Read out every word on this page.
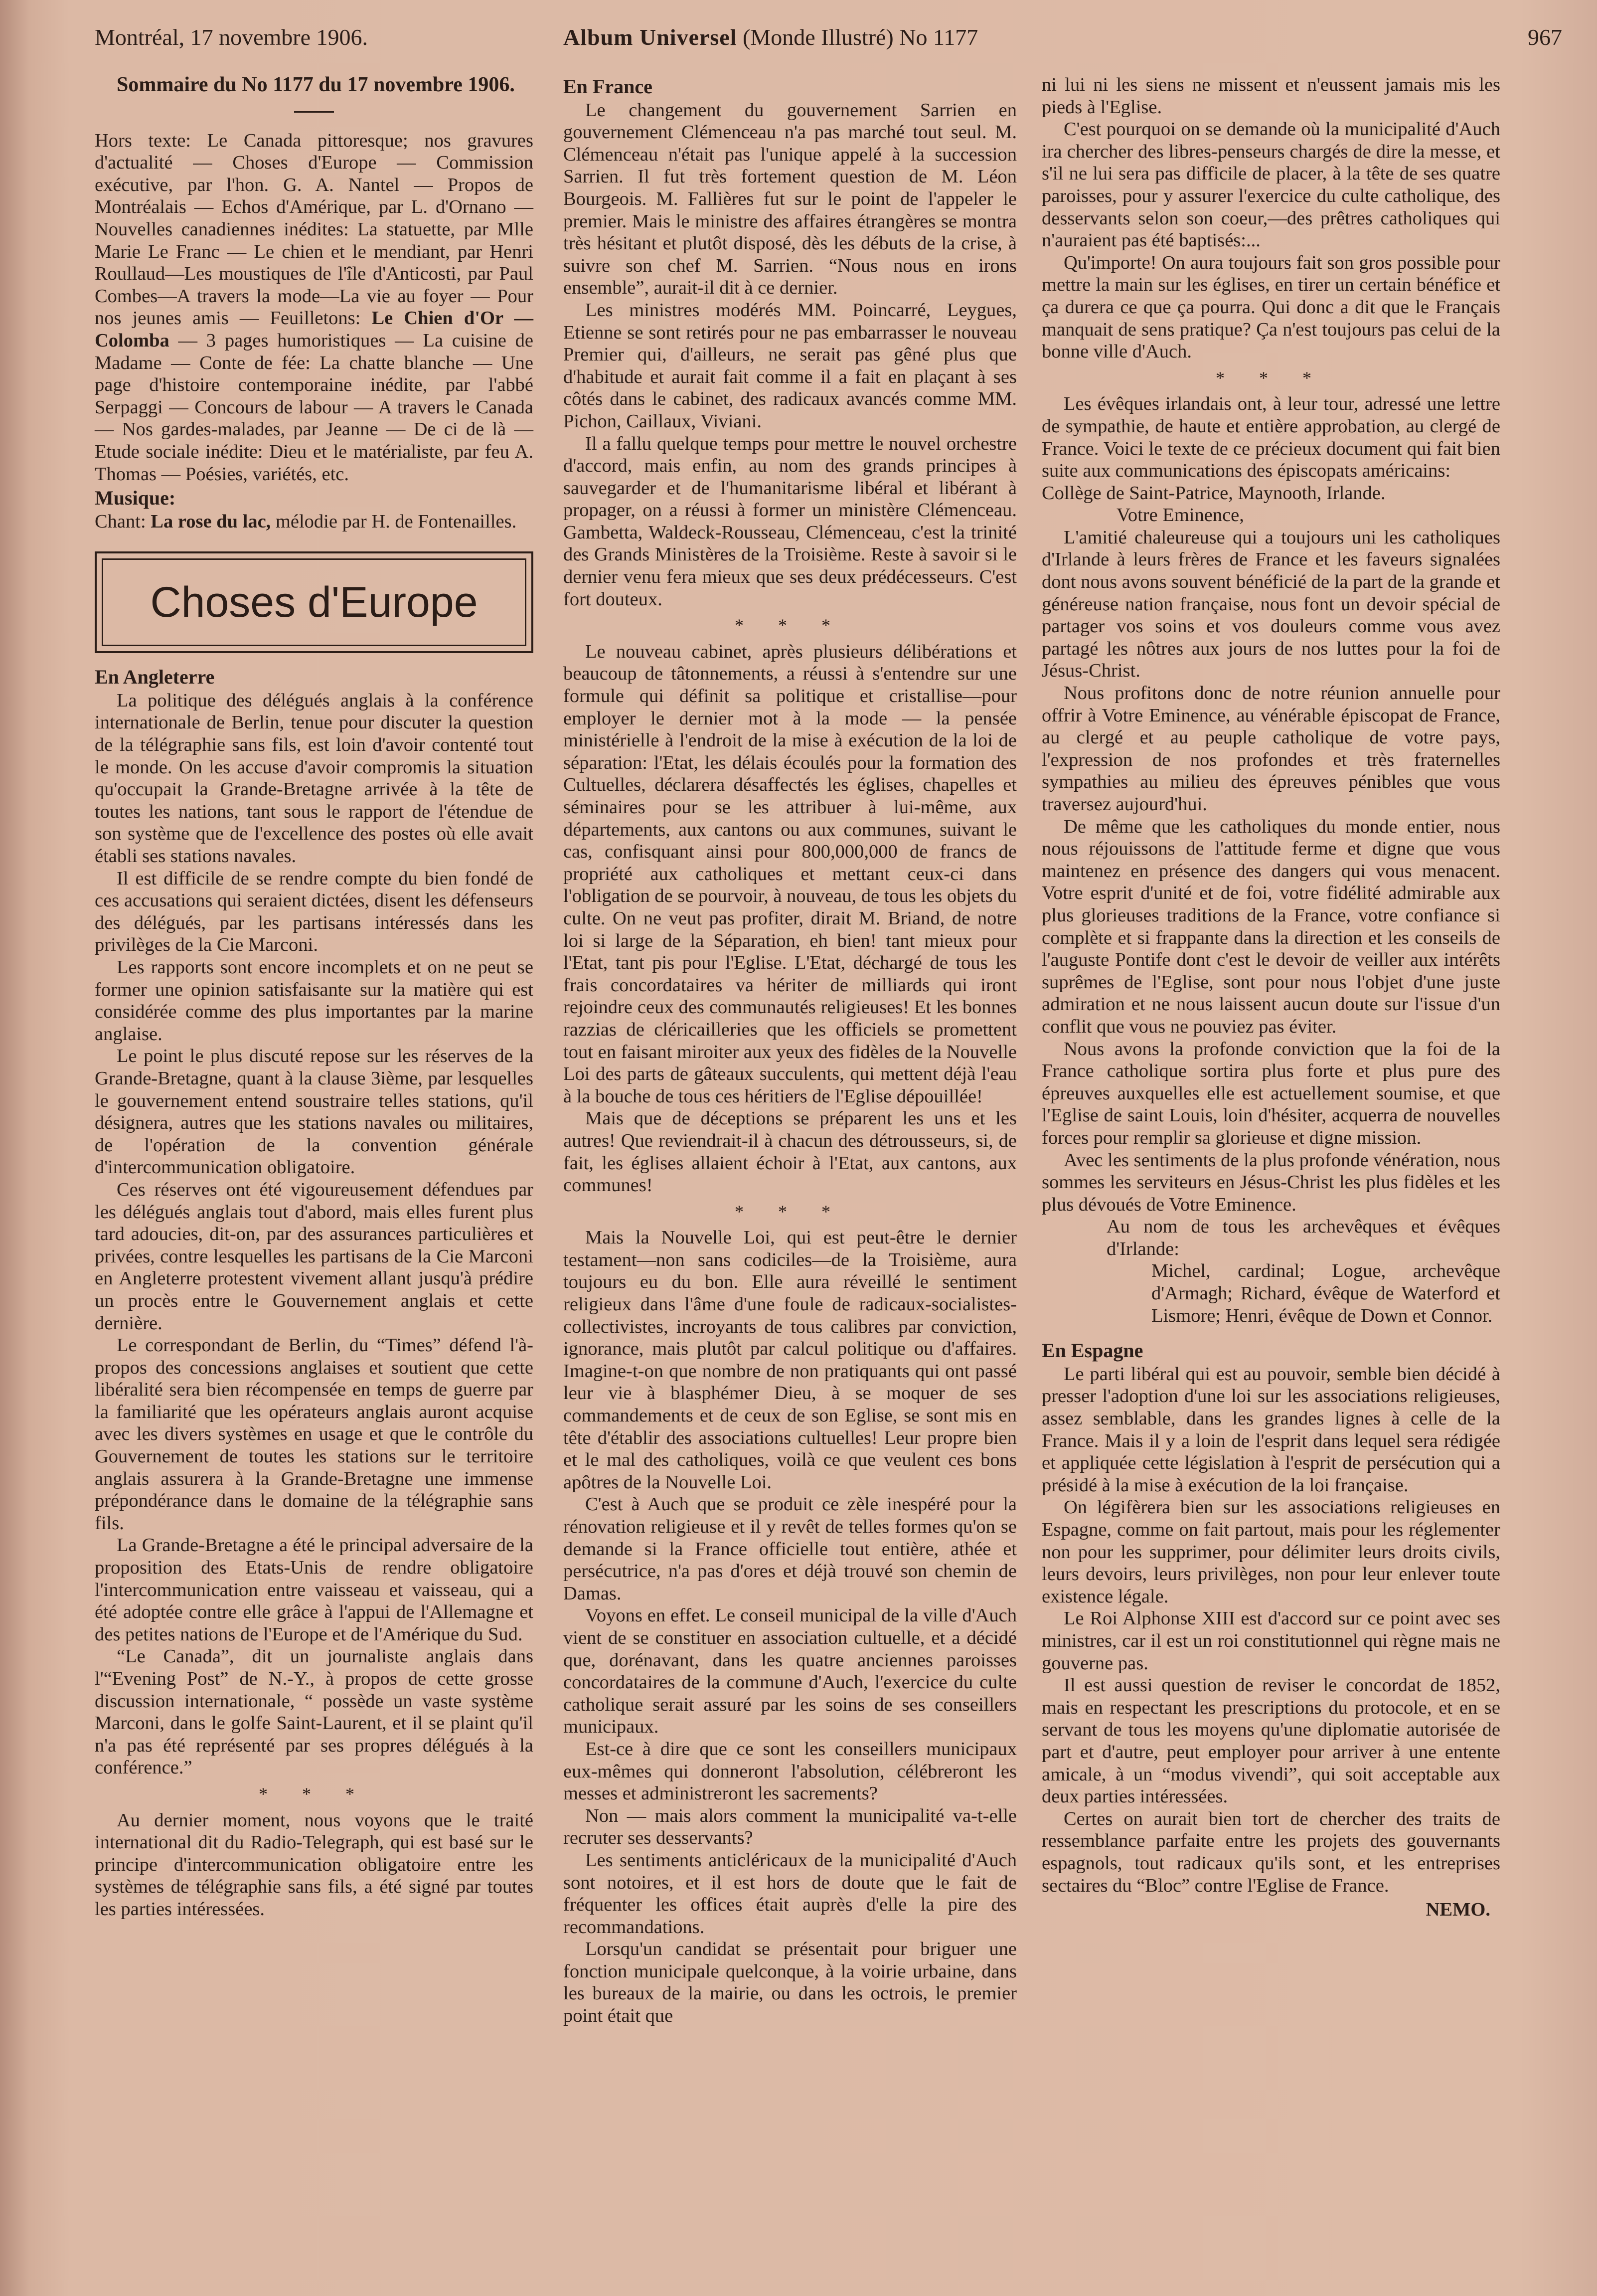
Montréal, 17 novembre 1906.	Album Universel (Monde Illustré) No 1177	967

Sommaire du No 1177 du 17 novembre 1906.

Hors texte: Le Canada pittoresque; nos gravures d'actualité — Choses d'Europe — Commission exécutive, par l'hon. G. A. Nantel — Propos de Montréalais — Echos d'Amérique, par L. d'Ornano — Nouvelles canadiennes inédites: La statuette, par Mlle Marie Le Franc — Le chien et le mendiant, par Henri Roullaud—Les moustiques de l'île d'Anticosti, par Paul Combes—A travers la mode—La vie au foyer — Pour nos jeunes amis — Feuilletons: Le Chien d'Or — Colomba — 3 pages humoristiques — La cuisine de Madame — Conte de fée: La chatte blanche — Une page d'histoire contemporaine inédite, par l'abbé Serpaggi — Concours de labour — A travers le Canada — Nos gardes-malades, par Jeanne — De ci de là — Etude sociale inédite: Dieu et le matérialiste, par feu A. Thomas — Poésies, variétés, etc.

Musique:

Chant: La rose du lac, mélodie par H. de Fontenailles.

Choses d'Europe
En Angleterre

La politique des délégués anglais à la conférence internationale de Berlin, tenue pour discuter la question de la télégraphie sans fils, est loin d'avoir contenté tout le monde. On les accuse d'avoir compromis la situation qu'occupait la Grande-Bretagne arrivée à la tête de toutes les nations, tant sous le rapport de l'étendue de son système que de l'excellence des postes où elle avait établi ses stations navales.

Il est difficile de se rendre compte du bien fondé de ces accusations qui seraient dictées, disent les défenseurs des délégués, par les partisans intéressés dans les privilèges de la Cie Marconi.

Les rapports sont encore incomplets et on ne peut se former une opinion satisfaisante sur la matière qui est considérée comme des plus importantes par la marine anglaise.

Le point le plus discuté repose sur les réserves de la Grande-Bretagne, quant à la clause 3ième, par lesquelles le gouvernement entend soustraire telles stations, qu'il désignera, autres que les stations navales ou militaires, de l'opération de la convention générale d'intercommunication obligatoire.

Ces réserves ont été vigoureusement défendues par les délégués anglais tout d'abord, mais elles furent plus tard adoucies, dit-on, par des assurances particulières et privées, contre lesquelles les partisans de la Cie Marconi en Angleterre protestent vivement allant jusqu'à prédire un procès entre le Gouvernement anglais et cette dernière.

Le correspondant de Berlin, du “Times” défend l'à-propos des concessions anglaises et soutient que cette libéralité sera bien récompensée en temps de guerre par la familiarité que les opérateurs anglais auront acquise avec les divers systèmes en usage et que le contrôle du Gouvernement de toutes les stations sur le territoire anglais assurera à la Grande-Bretagne une immense prépondérance dans le domaine de la télégraphie sans fils.

La Grande-Bretagne a été le principal adversaire de la proposition des Etats-Unis de rendre obligatoire l'intercommunication entre vaisseau et vaisseau, qui a été adoptée contre elle grâce à l'appui de l'Allemagne et des petites nations de l'Europe et de l'Amérique du Sud.

“Le Canada”, dit un journaliste anglais dans l'“Evening Post” de N.-Y., à propos de cette grosse discussion internationale, “ possède un vaste système Marconi, dans le golfe Saint-Laurent, et il se plaint qu'il n'a pas été représenté par ses propres délégués à la conférence.”

* * *

Au dernier moment, nous voyons que le traité international dit du Radio-Telegraph, qui est basé sur le principe d'intercommunication obligatoire entre les systèmes de télégraphie sans fils, a été signé par toutes les parties intéressées.

En France

Le changement du gouvernement Sarrien en gouvernement Clémenceau n'a pas marché tout seul. M. Clémenceau n'était pas l'unique appelé à la succession Sarrien. Il fut très fortement question de M. Léon Bourgeois. M. Fallières fut sur le point de l'appeler le premier. Mais le ministre des affaires étrangères se montra très hésitant et plutôt disposé, dès les débuts de la crise, à suivre son chef M. Sarrien. “Nous nous en irons ensemble”, aurait-il dit à ce dernier.

Les ministres modérés MM. Poincarré, Leygues, Etienne se sont retirés pour ne pas embarrasser le nouveau Premier qui, d'ailleurs, ne serait pas gêné plus que d'habitude et aurait fait comme il a fait en plaçant à ses côtés dans le cabinet, des radicaux avancés comme MM. Pichon, Caillaux, Viviani.

Il a fallu quelque temps pour mettre le nouvel orchestre d'accord, mais enfin, au nom des grands principes à sauvegarder et de l'humanitarisme libéral et libérant à propager, on a réussi à former un ministère Clémenceau. Gambetta, Waldeck-Rousseau, Clémenceau, c'est la trinité des Grands Ministères de la Troisième. Reste à savoir si le dernier venu fera mieux que ses deux prédécesseurs. C'est fort douteux.

* * *

Le nouveau cabinet, après plusieurs délibérations et beaucoup de tâtonnements, a réussi à s'entendre sur une formule qui définit sa politique et cristallise—pour employer le dernier mot à la mode — la pensée ministérielle à l'endroit de la mise à exécution de la loi de séparation: l'Etat, les délais écoulés pour la formation des Cultuelles, déclarera désaffectés les églises, chapelles et séminaires pour se les attribuer à lui-même, aux départements, aux cantons ou aux communes, suivant le cas, confisquant ainsi pour 800,000,000 de francs de propriété aux catholiques et mettant ceux-ci dans l'obligation de se pourvoir, à nouveau, de tous les objets du culte. On ne veut pas profiter, dirait M. Briand, de notre loi si large de la Séparation, eh bien! tant mieux pour l'Etat, tant pis pour l'Eglise. L'Etat, déchargé de tous les frais concordataires va hériter de milliards qui iront rejoindre ceux des communautés religieuses! Et les bonnes razzias de cléricailleries que les officiels se promettent tout en faisant miroiter aux yeux des fidèles de la Nouvelle Loi des parts de gâteaux succulents, qui mettent déjà l'eau à la bouche de tous ces héritiers de l'Eglise dépouillée!

Mais que de déceptions se préparent les uns et les autres! Que reviendrait-il à chacun des détrousseurs, si, de fait, les églises allaient échoir à l'Etat, aux cantons, aux communes!

* * *

Mais la Nouvelle Loi, qui est peut-être le dernier testament—non sans codiciles—de la Troisième, aura toujours eu du bon. Elle aura réveillé le sentiment religieux dans l'âme d'une foule de radicaux-socialistes-collectivistes, incroyants de tous calibres par conviction, ignorance, mais plutôt par calcul politique ou d'affaires. Imagine-t-on que nombre de non pratiquants qui ont passé leur vie à blasphémer Dieu, à se moquer de ses commandements et de ceux de son Eglise, se sont mis en tête d'établir des associations cultuelles! Leur propre bien et le mal des catholiques, voilà ce que veulent ces bons apôtres de la Nouvelle Loi.

C'est à Auch que se produit ce zèle inespéré pour la rénovation religieuse et il y revêt de telles formes qu'on se demande si la France officielle tout entière, athée et persécutrice, n'a pas d'ores et déjà trouvé son chemin de Damas.

Voyons en effet. Le conseil municipal de la ville d'Auch vient de se constituer en association cultuelle, et a décidé que, dorénavant, dans les quatre anciennes paroisses concordataires de la commune d'Auch, l'exercice du culte catholique serait assuré par les soins de ses conseillers municipaux.

Est-ce à dire que ce sont les conseillers municipaux eux-mêmes qui donneront l'absolution, célébreront les messes et administreront les sacrements?

Non — mais alors comment la municipalité va-t-elle recruter ses desservants?

Les sentiments anticléricaux de la municipalité d'Auch sont notoires, et il est hors de doute que le fait de fréquenter les offices était auprès d'elle la pire des recommandations.

Lorsqu'un candidat se présentait pour briguer une fonction municipale quelconque, à la voirie urbaine, dans les bureaux de la mairie, ou dans les octrois, le premier point était que

ni lui ni les siens ne missent et n'eussent jamais mis les pieds à l'Eglise.

C'est pourquoi on se demande où la municipalité d'Auch ira chercher des libres-penseurs chargés de dire la messe, et s'il ne lui sera pas difficile de placer, à la tête de ses quatre paroisses, pour y assurer l'exercice du culte catholique, des desservants selon son coeur,—des prêtres catholiques qui n'auraient pas été baptisés:...

Qu'importe! On aura toujours fait son gros possible pour mettre la main sur les églises, en tirer un certain bénéfice et ça durera ce que ça pourra. Qui donc a dit que le Français manquait de sens pratique? Ça n'est toujours pas celui de la bonne ville d'Auch.

* * *

Les évêques irlandais ont, à leur tour, adressé une lettre de sympathie, de haute et entière approbation, au clergé de France. Voici le texte de ce précieux document qui fait bien suite aux communications des épiscopats américains:

Collège de Saint-Patrice, Maynooth, Irlande.

Votre Eminence,

L'amitié chaleureuse qui a toujours uni les catholiques d'Irlande à leurs frères de France et les faveurs signalées dont nous avons souvent bénéficié de la part de la grande et généreuse nation française, nous font un devoir spécial de partager vos soins et vos douleurs comme vous avez partagé les nôtres aux jours de nos luttes pour la foi de Jésus-Christ.

Nous profitons donc de notre réunion annuelle pour offrir à Votre Eminence, au vénérable épiscopat de France, au clergé et au peuple catholique de votre pays, l'expression de nos profondes et très fraternelles sympathies au milieu des épreuves pénibles que vous traversez aujourd'hui.

De même que les catholiques du monde entier, nous nous réjouissons de l'attitude ferme et digne que vous maintenez en présence des dangers qui vous menacent. Votre esprit d'unité et de foi, votre fidélité admirable aux plus glorieuses traditions de la France, votre confiance si complète et si frappante dans la direction et les conseils de l'auguste Pontife dont c'est le devoir de veiller aux intérêts suprêmes de l'Eglise, sont pour nous l'objet d'une juste admiration et ne nous laissent aucun doute sur l'issue d'un conflit que vous ne pouviez pas éviter.

Nous avons la profonde conviction que la foi de la France catholique sortira plus forte et plus pure des épreuves auxquelles elle est actuellement soumise, et que l'Eglise de saint Louis, loin d'hésiter, acquerra de nouvelles forces pour remplir sa glorieuse et digne mission.

Avec les sentiments de la plus profonde vénération, nous sommes les serviteurs en Jésus-Christ les plus fidèles et les plus dévoués de Votre Eminence.

Au nom de tous les archevêques et évêques d'Irlande:

Michel, cardinal; Logue, archevêque d'Armagh; Richard, évêque de Waterford et Lismore; Henri, évêque de Down et Connor.

En Espagne

Le parti libéral qui est au pouvoir, semble bien décidé à presser l'adoption d'une loi sur les associations religieuses, assez semblable, dans les grandes lignes à celle de la France. Mais il y a loin de l'esprit dans lequel sera rédigée et appliquée cette législation à l'esprit de persécution qui a présidé à la mise à exécution de la loi française.

On légifèrera bien sur les associations religieuses en Espagne, comme on fait partout, mais pour les réglementer non pour les supprimer, pour délimiter leurs droits civils, leurs devoirs, leurs privilèges, non pour leur enlever toute existence légale.

Le Roi Alphonse XIII est d'accord sur ce point avec ses ministres, car il est un roi constitutionnel qui règne mais ne gouverne pas.

Il est aussi question de reviser le concordat de 1852, mais en respectant les prescriptions du protocole, et en se servant de tous les moyens qu'une diplomatie autorisée de part et d'autre, peut employer pour arriver à une entente amicale, à un “modus vivendi”, qui soit acceptable aux deux parties intéressées.

Certes on aurait bien tort de chercher des traits de ressemblance parfaite entre les projets des gouvernants espagnols, tout radicaux qu'ils sont, et les entreprises sectaires du “Bloc” contre l'Eglise de France.

NEMO.
